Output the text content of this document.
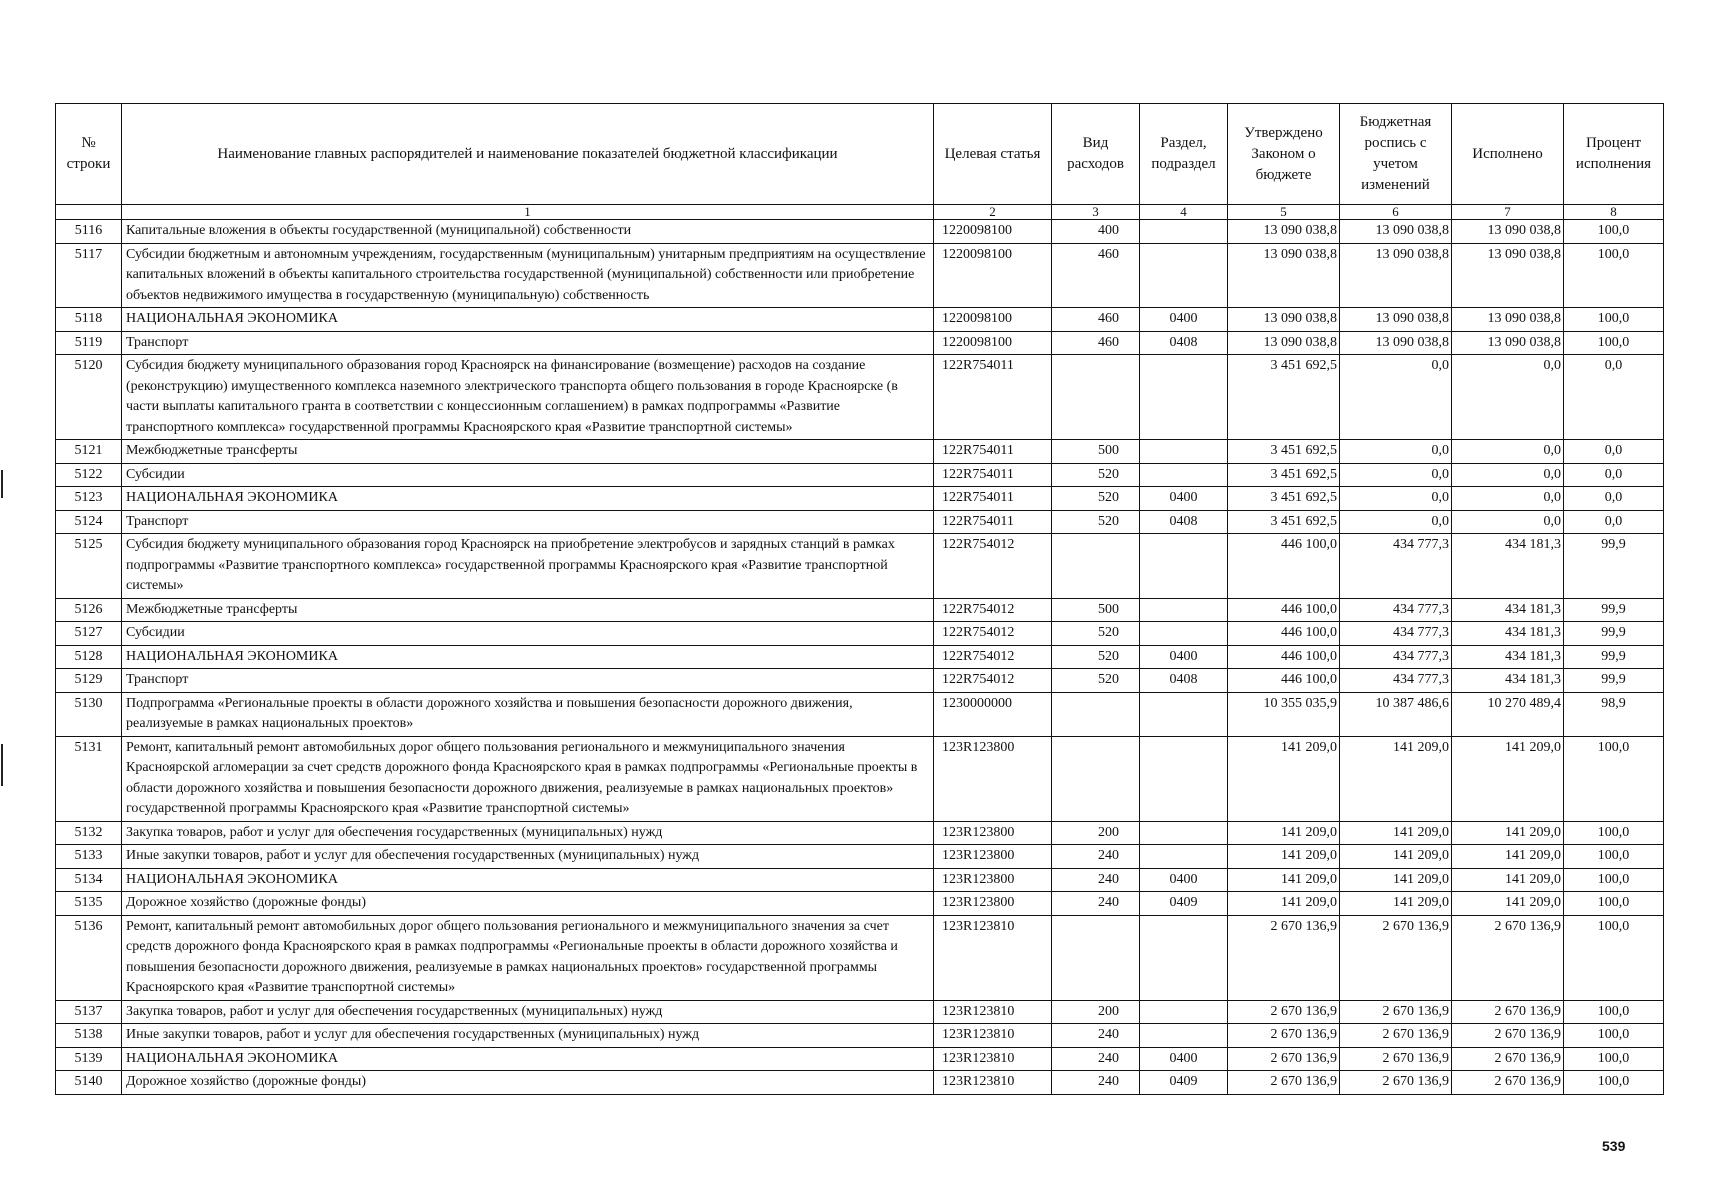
№ строки	Наименование главных распорядителей и наименование показателей бюджетной классификации	Целевая статья	Вид расходов	Раздел, подраздел	Утверждено Законом о бюджете	Бюджетная роспись с учетом изменений	Исполнено	Процент исполнения
	1	2	3	4	5	6	7	8
5116	Капитальные вложения в объекты государственной (муниципальной) собственности	1220098100	400		13 090 038,8	13 090 038,8	13 090 038,8	100,0
5117	Субсидии бюджетным и автономным учреждениям, государственным (муниципальным) унитарным предприятиям на осуществление капитальных вложений в объекты капитального строительства государственной (муниципальной) собственности или приобретение объектов недвижимого имущества в государственную (муниципальную) собственность	1220098100	460		13 090 038,8	13 090 038,8	13 090 038,8	100,0
5118	НАЦИОНАЛЬНАЯ ЭКОНОМИКА	1220098100	460	0400	13 090 038,8	13 090 038,8	13 090 038,8	100,0
5119	Транспорт	1220098100	460	0408	13 090 038,8	13 090 038,8	13 090 038,8	100,0
5120	Субсидия бюджету муниципального образования город Красноярск на финансирование (возмещение) расходов на создание (реконструкцию) имущественного комплекса наземного электрического транспорта общего пользования в городе Красноярске (в части выплаты капитального гранта в соответствии с концессионным соглашением) в рамках подпрограммы «Развитие транспортного комплекса» государственной программы Красноярского края «Развитие транспортной системы»	122R754011			3 451 692,5	0,0	0,0	0,0
5121	Межбюджетные трансферты	122R754011	500		3 451 692,5	0,0	0,0	0,0
5122	Субсидии	122R754011	520		3 451 692,5	0,0	0,0	0,0
5123	НАЦИОНАЛЬНАЯ ЭКОНОМИКА	122R754011	520	0400	3 451 692,5	0,0	0,0	0,0
5124	Транспорт	122R754011	520	0408	3 451 692,5	0,0	0,0	0,0
5125	Субсидия бюджету муниципального образования город Красноярск на приобретение электробусов и зарядных станций в рамках подпрограммы «Развитие транспортного комплекса» государственной программы Красноярского края «Развитие транспортной системы»	122R754012			446 100,0	434 777,3	434 181,3	99,9
5126	Межбюджетные трансферты	122R754012	500		446 100,0	434 777,3	434 181,3	99,9
5127	Субсидии	122R754012	520		446 100,0	434 777,3	434 181,3	99,9
5128	НАЦИОНАЛЬНАЯ ЭКОНОМИКА	122R754012	520	0400	446 100,0	434 777,3	434 181,3	99,9
5129	Транспорт	122R754012	520	0408	446 100,0	434 777,3	434 181,3	99,9
5130	Подпрограмма «Региональные проекты в области дорожного хозяйства и повышения безопасности дорожного движения, реализуемые в рамках национальных проектов»	1230000000			10 355 035,9	10 387 486,6	10 270 489,4	98,9
5131	Ремонт, капитальный ремонт автомобильных дорог общего пользования регионального и межмуниципального значения Красноярской агломерации за счет средств дорожного фонда Красноярского края в рамках подпрограммы «Региональные проекты в области дорожного хозяйства и повышения безопасности дорожного движения, реализуемые в рамках национальных проектов» государственной программы Красноярского края «Развитие транспортной системы»	123R123800			141 209,0	141 209,0	141 209,0	100,0
5132	Закупка товаров, работ и услуг для обеспечения государственных (муниципальных) нужд	123R123800	200		141 209,0	141 209,0	141 209,0	100,0
5133	Иные закупки товаров, работ и услуг для обеспечения государственных (муниципальных) нужд	123R123800	240		141 209,0	141 209,0	141 209,0	100,0
5134	НАЦИОНАЛЬНАЯ ЭКОНОМИКА	123R123800	240	0400	141 209,0	141 209,0	141 209,0	100,0
5135	Дорожное хозяйство (дорожные фонды)	123R123800	240	0409	141 209,0	141 209,0	141 209,0	100,0
5136	Ремонт, капитальный ремонт автомобильных дорог общего пользования регионального и межмуниципального значения за счет средств дорожного фонда Красноярского края в рамках подпрограммы «Региональные проекты в области дорожного хозяйства и повышения безопасности дорожного движения, реализуемые в рамках национальных проектов» государственной программы Красноярского края «Развитие транспортной системы»	123R123810			2 670 136,9	2 670 136,9	2 670 136,9	100,0
5137	Закупка товаров, работ и услуг для обеспечения государственных (муниципальных) нужд	123R123810	200		2 670 136,9	2 670 136,9	2 670 136,9	100,0
5138	Иные закупки товаров, работ и услуг для обеспечения государственных (муниципальных) нужд	123R123810	240		2 670 136,9	2 670 136,9	2 670 136,9	100,0
5139	НАЦИОНАЛЬНАЯ ЭКОНОМИКА	123R123810	240	0400	2 670 136,9	2 670 136,9	2 670 136,9	100,0
5140	Дорожное хозяйство (дорожные фонды)	123R123810	240	0409	2 670 136,9	2 670 136,9	2 670 136,9	100,0
539
